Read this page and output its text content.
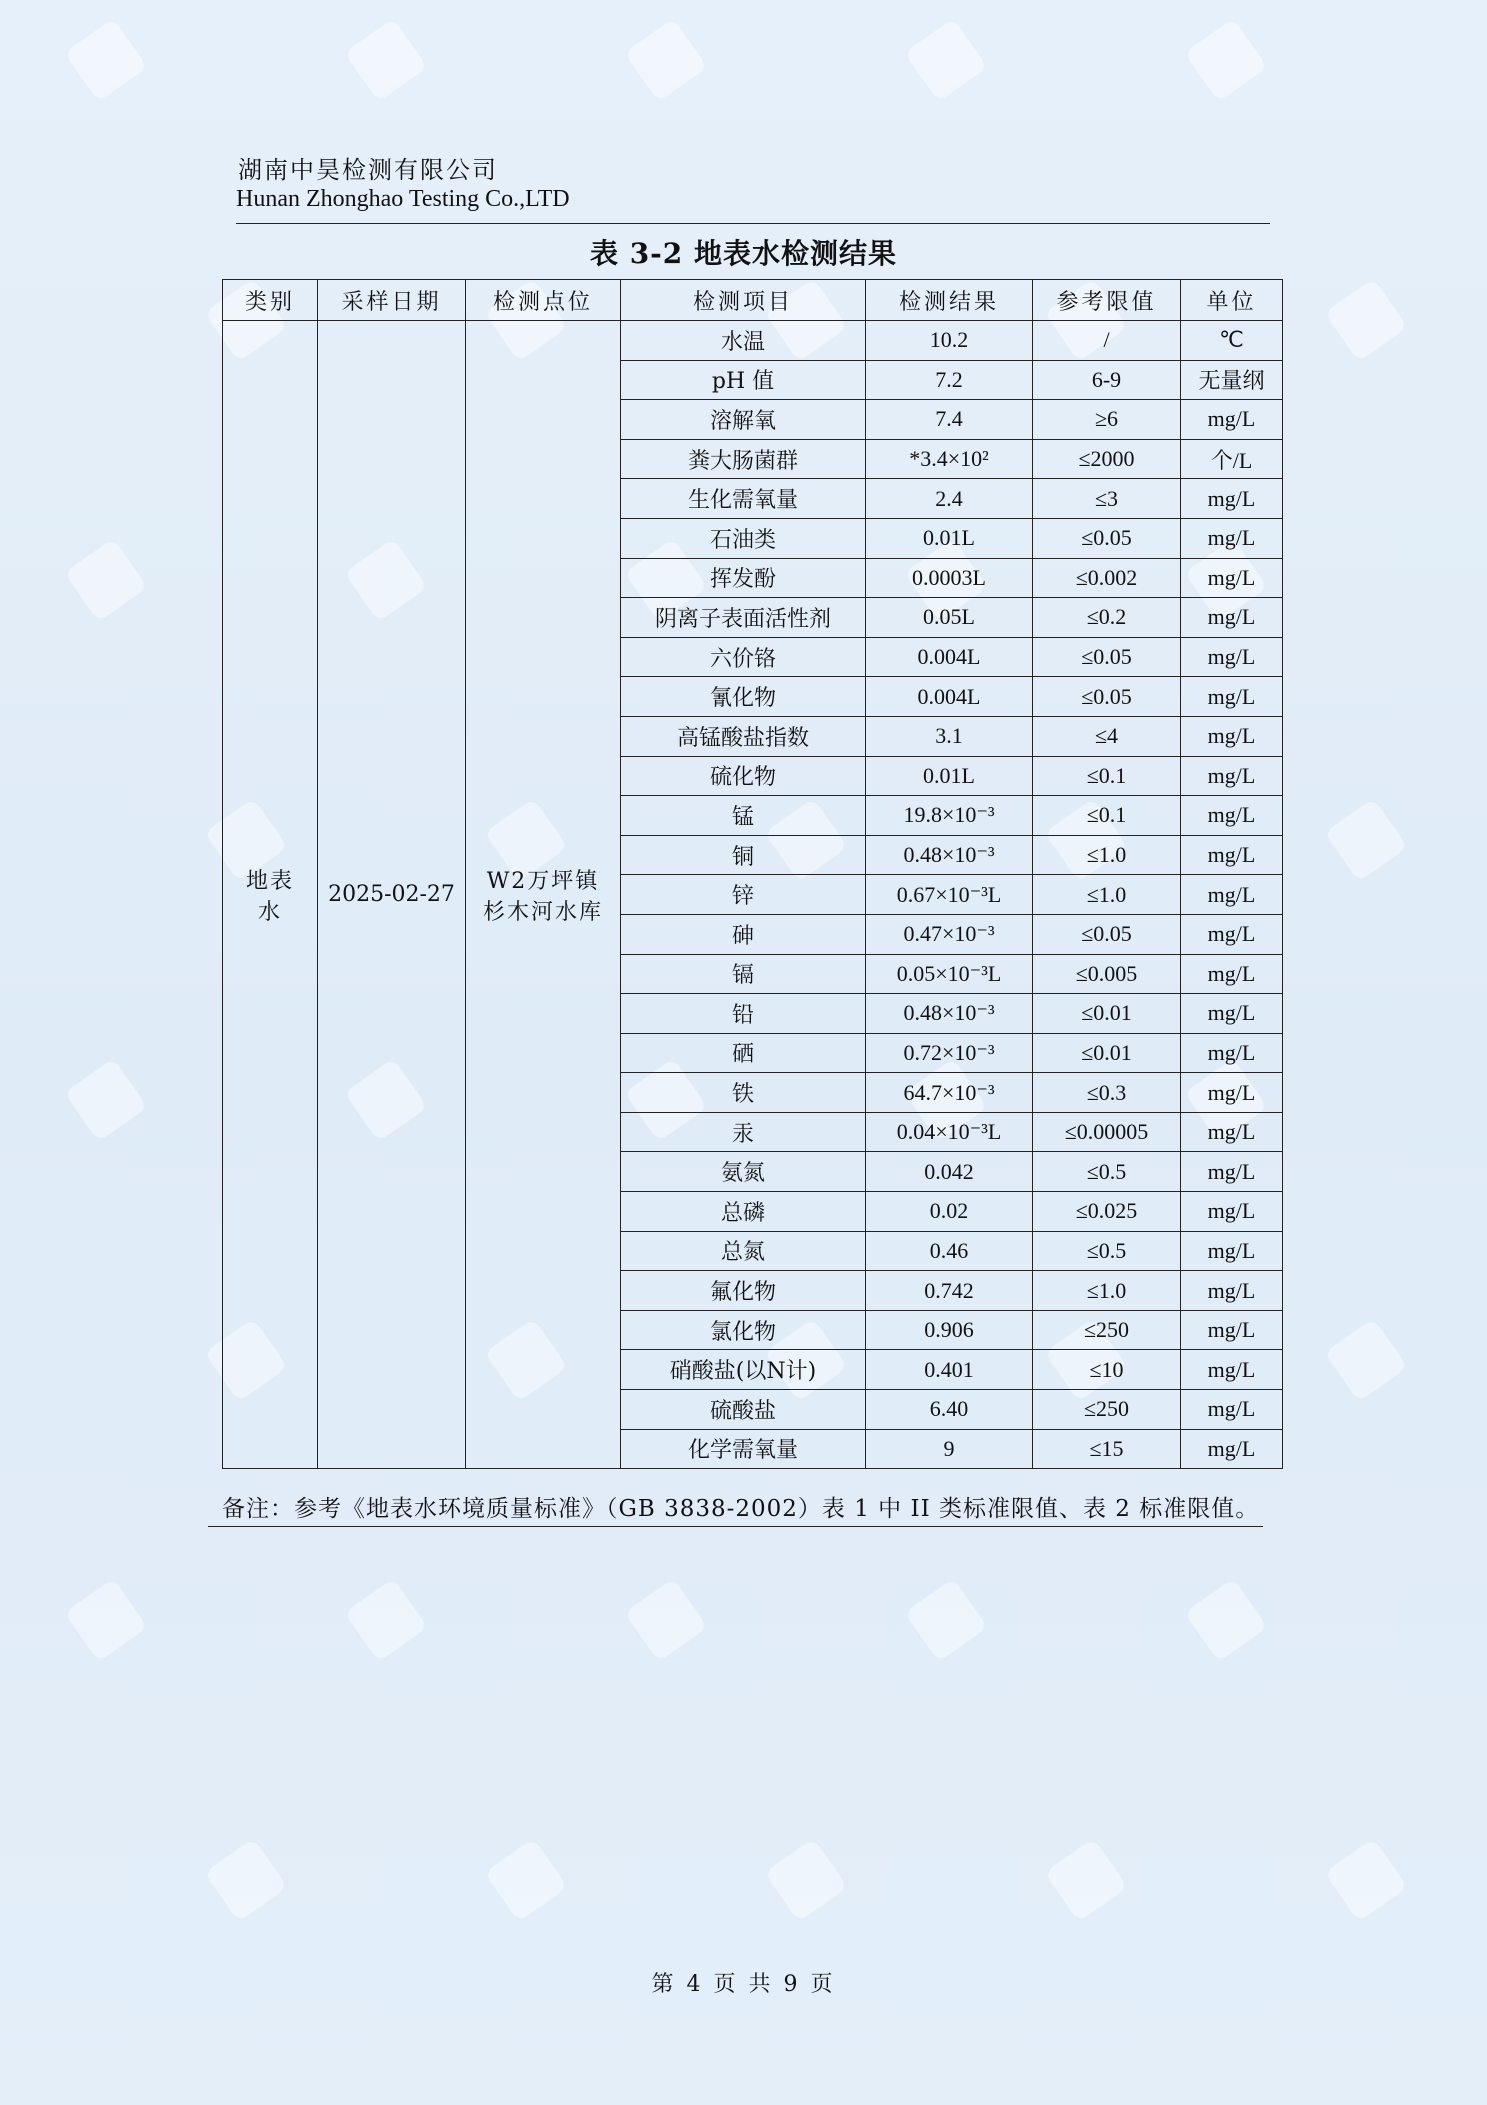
湖南中昊检测有限公司
Hunan Zhonghao Testing Co.,LTD
表 3-2 地表水检测结果
类别	采样日期	检测点位	检测项目	检测结果	参考限值	单位
地表水	2025-02-27	W2万坪镇杉木河水库	水温	10.2	/	℃
			pH 值	7.2	6-9	无量纲
			溶解氧	7.4	≥6	mg/L
			粪大肠菌群	*3.4×10²	≤2000	个/L
			生化需氧量	2.4	≤3	mg/L
			石油类	0.01L	≤0.05	mg/L
			挥发酚	0.0003L	≤0.002	mg/L
			阴离子表面活性剂	0.05L	≤0.2	mg/L
			六价铬	0.004L	≤0.05	mg/L
			氰化物	0.004L	≤0.05	mg/L
			高锰酸盐指数	3.1	≤4	mg/L
			硫化物	0.01L	≤0.1	mg/L
			锰	19.8×10⁻³	≤0.1	mg/L
			铜	0.48×10⁻³	≤1.0	mg/L
			锌	0.67×10⁻³L	≤1.0	mg/L
			砷	0.47×10⁻³	≤0.05	mg/L
			镉	0.05×10⁻³L	≤0.005	mg/L
			铅	0.48×10⁻³	≤0.01	mg/L
			硒	0.72×10⁻³	≤0.01	mg/L
			铁	64.7×10⁻³	≤0.3	mg/L
			汞	0.04×10⁻³L	≤0.00005	mg/L
			氨氮	0.042	≤0.5	mg/L
			总磷	0.02	≤0.025	mg/L
			总氮	0.46	≤0.5	mg/L
			氟化物	0.742	≤1.0	mg/L
			氯化物	0.906	≤250	mg/L
			硝酸盐(以N计)	0.401	≤10	mg/L
			硫酸盐	6.40	≤250	mg/L
			化学需氧量	9	≤15	mg/L
备注：参考《地表水环境质量标准》（GB 3838-2002）表 1 中 II 类标准限值、表 2 标准限值。
第 4 页 共 9 页
